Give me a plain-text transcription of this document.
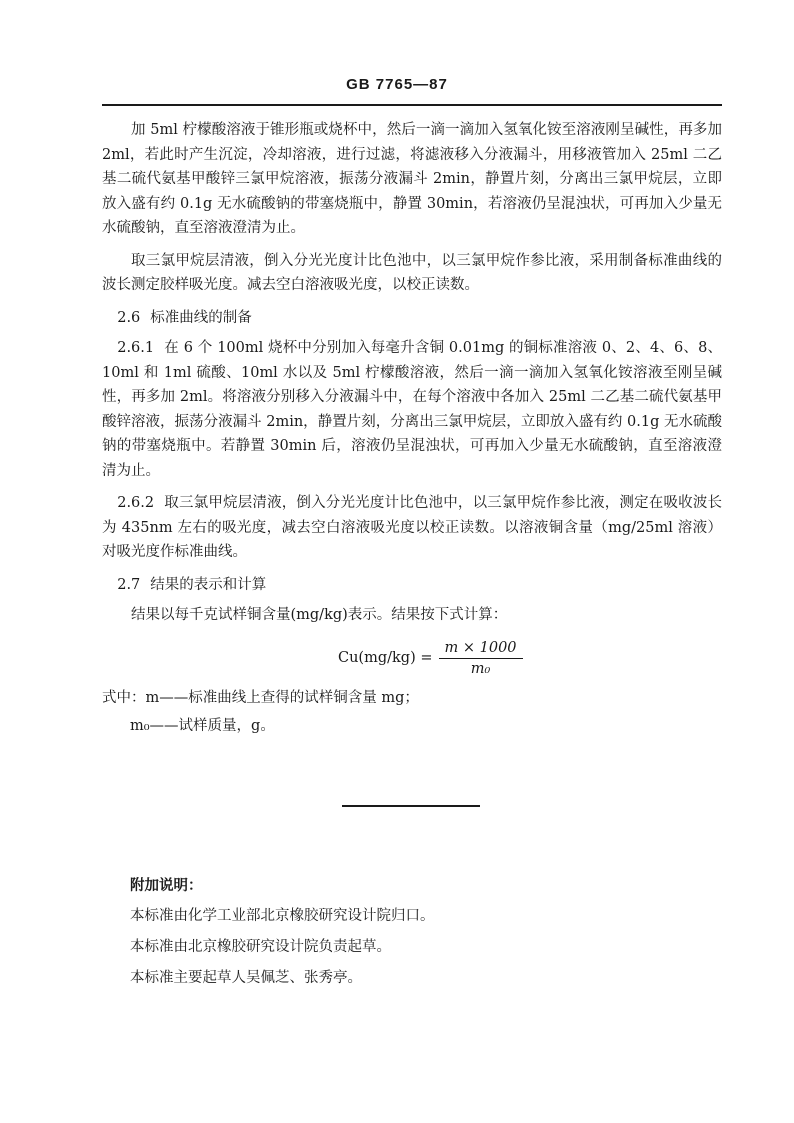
GB 7765—87

加 5ml 柠檬酸溶液于锥形瓶或烧杯中，然后一滴一滴加入氢氧化铵至溶液刚呈碱性，再多加 2ml，若此时产生沉淀，冷却溶液，进行过滤，将滤液移入分液漏斗，用移液管加入 25ml 二乙基二硫代氨基甲酸锌三氯甲烷溶液，振荡分液漏斗 2min，静置片刻，分离出三氯甲烷层，立即放入盛有约 0.1g 无水硫酸钠的带塞烧瓶中，静置 30min，若溶液仍呈混浊状，可再加入少量无水硫酸钠，直至溶液澄清为止。

取三氯甲烷层清液，倒入分光光度计比色池中，以三氯甲烷作参比液，采用制备标准曲线的波长测定胶样吸光度。减去空白溶液吸光度，以校正读数。

2.6 标准曲线的制备

2.6.1 在 6 个 100ml 烧杯中分别加入每毫升含铜 0.01mg 的铜标准溶液 0、2、4、6、8、10ml 和 1ml 硫酸、10ml 水以及 5ml 柠檬酸溶液，然后一滴一滴加入氢氧化铵溶液至刚呈碱性，再多加 2ml。将溶液分别移入分液漏斗中，在每个溶液中各加入 25ml 二乙基二硫代氨基甲酸锌溶液，振荡分液漏斗 2min，静置片刻，分离出三氯甲烷层，立即放入盛有约 0.1g 无水硫酸钠的带塞烧瓶中。若静置 30min 后，溶液仍呈混浊状，可再加入少量无水硫酸钠，直至溶液澄清为止。

2.6.2 取三氯甲烷层清液，倒入分光光度计比色池中，以三氯甲烷作参比液，测定在吸收波长为 435nm 左右的吸光度，减去空白溶液吸光度以校正读数。以溶液铜含量（mg/25ml 溶液）对吸光度作标准曲线。

2.7 结果的表示和计算

结果以每千克试样铜含量(mg/kg)表示。结果按下式计算：

$Cu(mg/kg) = \frac{m \times 1000}{\text{m₀}}$

式中：m——标准曲线上查得的试样铜含量 mg；

m₀——试样质量，g。

附加说明：

本标准由化学工业部北京橡胶研究设计院归口。

本标准由北京橡胶研究设计院负责起草。

本标准主要起草人吴佩芝、张秀亭。
